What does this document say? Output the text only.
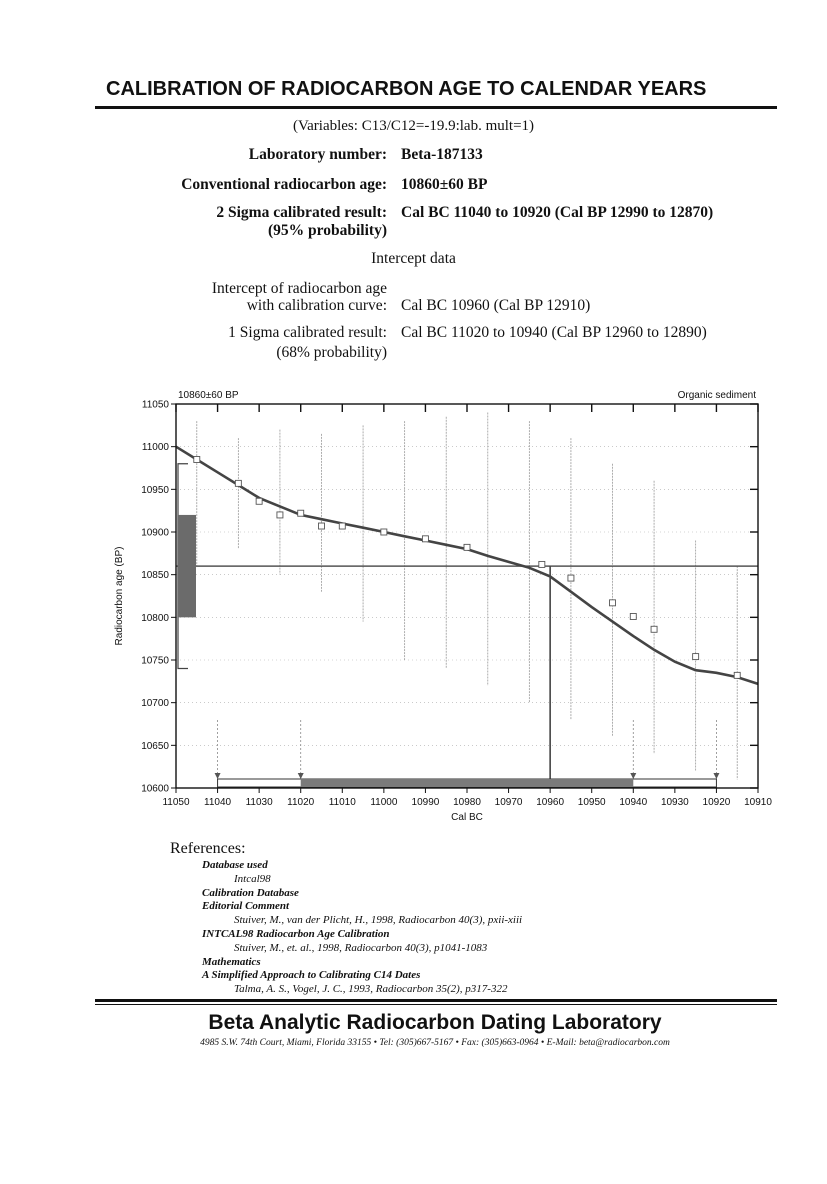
CALIBRATION OF RADIOCARBON AGE TO CALENDAR YEARS
(Variables: C13/C12=-19.9:lab. mult=1)
Laboratory number: Beta-187133
Conventional radiocarbon age: 10860±60 BP
2 Sigma calibrated result:
(95% probability)
Cal BC 11040 to 10920 (Cal BP 12990 to 12870)
Intercept data
Intercept of radiocarbon age
with calibration curve: Cal BC 10960 (Cal BP 12910)
1 Sigma calibrated result:
(68% probability)
Cal BC 11020 to 10940 (Cal BP 12960 to 12890)
11050 11040 11030 11020 11010 11000 10990 10980 10970 10960 10950 10940 10930 10920 10910
10600
10650
10700
10750
10800
10850
10900
10950
11000
11050
10860±60 BP	Organic sediment
Cal BC
Radiocarbon age (BP)
References:
Database used
Intcal98
Calibration Database
Editorial Comment
Stuiver, M., van der Plicht, H., 1998, Radiocarbon 40(3), pxii-xiii
INTCAL98 Radiocarbon Age Calibration
Stuiver, M., et. al., 1998, Radiocarbon 40(3), p1041-1083
Mathematics
A Simplified Approach to Calibrating C14 Dates
Talma, A. S., Vogel, J. C., 1993, Radiocarbon 35(2), p317-322
Beta Analytic Radiocarbon Dating Laboratory
4985 S.W. 74th Court, Miami, Florida 33155 • Tel: (305)667-5167 • Fax: (305)663-0964 • E-Mail: beta@radiocarbon.com
